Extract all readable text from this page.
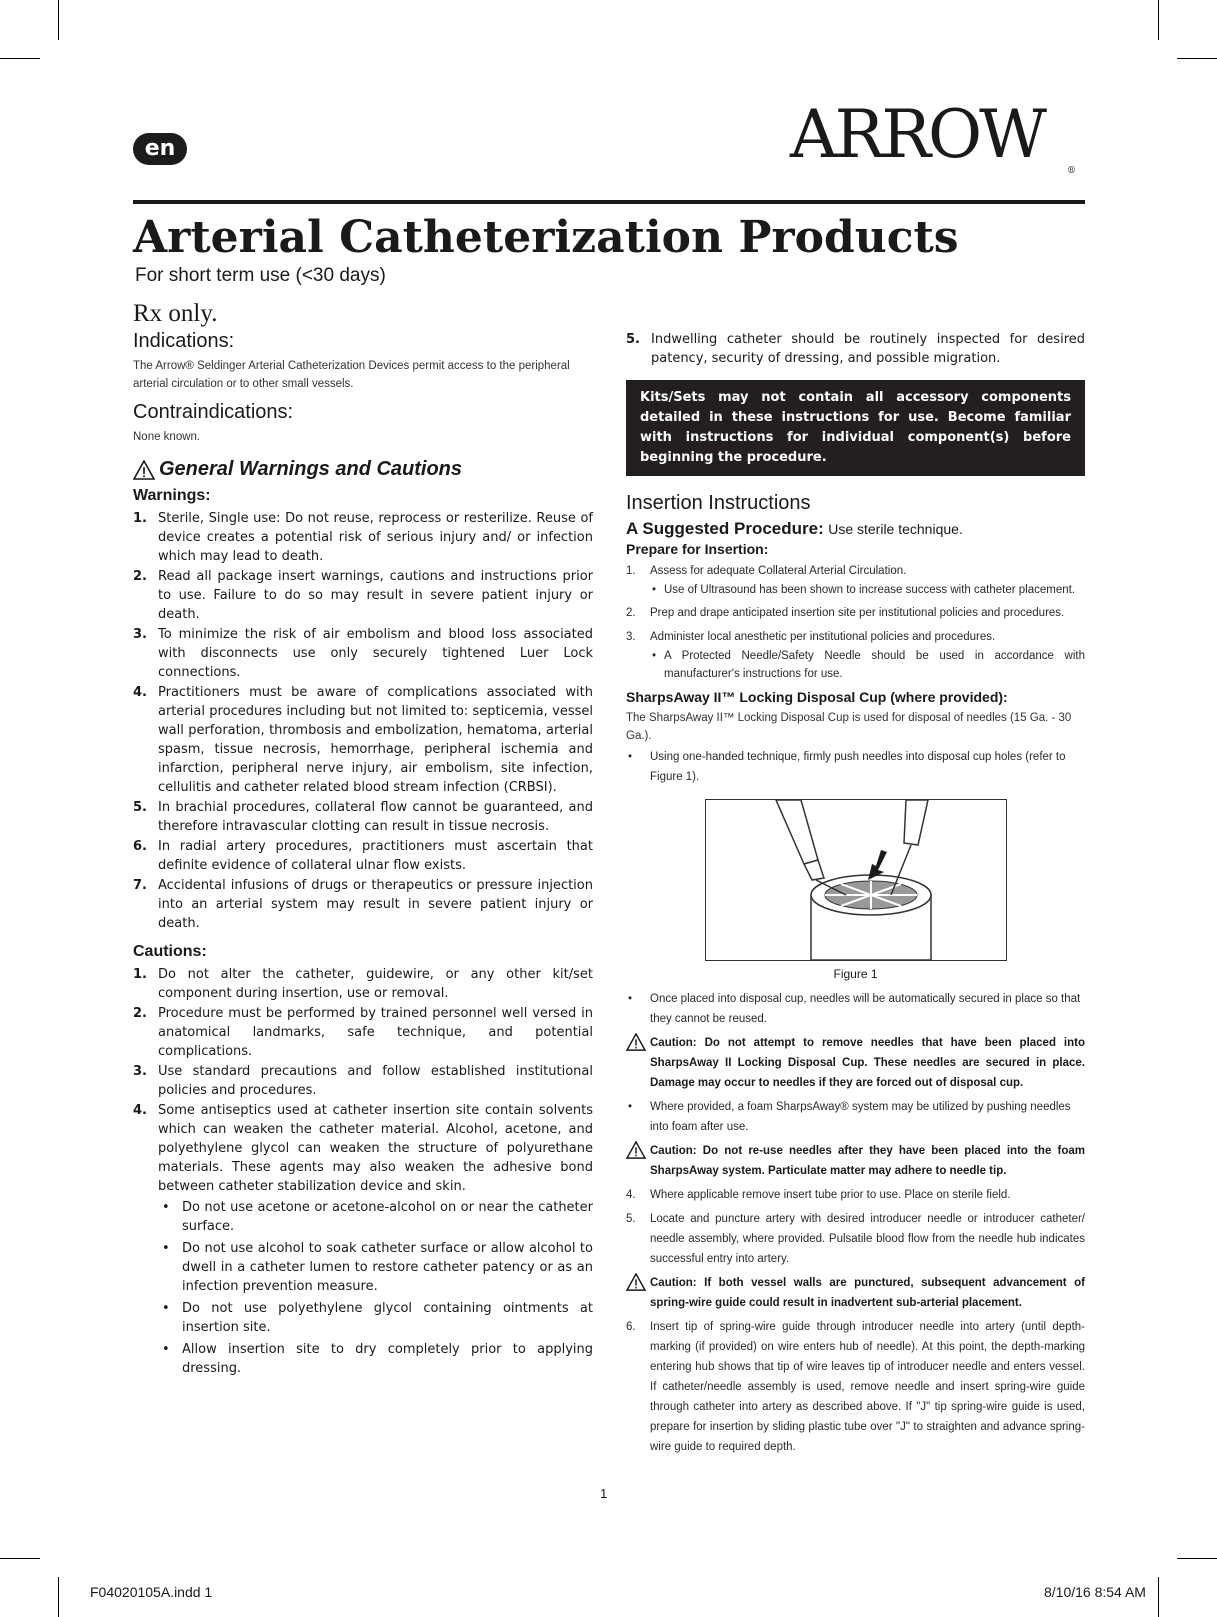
en	ARROW	®
Arterial Catheterization Products
For short term use (<30 days)
Rx only.
Indications:

The Arrow® Seldinger Arterial Catheterization Devices permit access to the peripheral arterial circulation or to other small vessels.

Contraindications:

None known.

General Warnings and Cautions
Warnings:
1. Sterile, Single use: Do not reuse, reprocess or resterilize. Reuse of device creates a potential risk of serious injury and/ or infection which may lead to death.
2. Read all package insert warnings, cautions and instructions prior to use. Failure to do so may result in severe patient injury or death.
3. To minimize the risk of air embolism and blood loss associated with disconnects use only securely tightened Luer Lock connections.
4. Practitioners must be aware of complications associated with arterial procedures including but not limited to: septicemia, vessel wall perforation, thrombosis and embolization, hematoma, arterial spasm, tissue necrosis, hemorrhage, peripheral ischemia and infarction, peripheral nerve injury, air embolism, site infection, cellulitis and catheter related blood stream infection (CRBSI).
5. In brachial procedures, collateral flow cannot be guaranteed, and therefore intravascular clotting can result in tissue necrosis.
6. In radial artery procedures, practitioners must ascertain that definite evidence of collateral ulnar flow exists.
7. Accidental infusions of drugs or therapeutics or pressure injection into an arterial system may result in severe patient injury or death.
Cautions:
1. Do not alter the catheter, guidewire, or any other kit/set component during insertion, use or removal.
2. Procedure must be performed by trained personnel well versed in anatomical landmarks, safe technique, and potential complications.
3. Use standard precautions and follow established institutional policies and procedures.
4. Some antiseptics used at catheter insertion site contain solvents which can weaken the catheter material. Alcohol, acetone, and polyethylene glycol can weaken the structure of polyurethane materials. These agents may also weaken the adhesive bond between catheter stabilization device and skin.
• Do not use acetone or acetone-alcohol on or near the catheter surface.
• Do not use alcohol to soak catheter surface or allow alcohol to dwell in a catheter lumen to restore catheter patency or as an infection prevention measure.
• Do not use polyethylene glycol containing ointments at insertion site.
• Allow insertion site to dry completely prior to applying dressing.
5. Indwelling catheter should be routinely inspected for desired patency, security of dressing, and possible migration.
Kits/Sets may not contain all accessory components detailed in these instructions for use. Become familiar with instructions for individual component(s) before beginning the procedure.
Insertion Instructions
A Suggested Procedure: Use sterile technique.
Prepare for Insertion:
1. Assess for adequate Collateral Arterial Circulation.
• Use of Ultrasound has been shown to increase success with catheter placement.
2. Prep and drape anticipated insertion site per institutional policies and procedures.
3. Administer local anesthetic per institutional policies and procedures.
• A Protected Needle/Safety Needle should be used in accordance with manufacturer's instructions for use.
SharpsAway II™ Locking Disposal Cup (where provided):

The SharpsAway II™ Locking Disposal Cup is used for disposal of needles (15 Ga. - 30 Ga.).

• Using one-handed technique, firmly push needles into disposal cup holes (refer to Figure 1).
Figure 1
• Once placed into disposal cup, needles will be automatically secured in place so that they cannot be reused.
Caution: Do not attempt to remove needles that have been placed into SharpsAway II Locking Disposal Cup. These needles are secured in place. Damage may occur to needles if they are forced out of disposal cup.
• Where provided, a foam SharpsAway® system may be utilized by pushing needles into foam after use.
Caution: Do not re-use needles after they have been placed into the foam SharpsAway system. Particulate matter may adhere to needle tip.
4. Where applicable remove insert tube prior to use. Place on sterile field.
5. Locate and puncture artery with desired introducer needle or introducer catheter/ needle assembly, where provided. Pulsatile blood flow from the needle hub indicates successful entry into artery.
Caution: If both vessel walls are punctured, subsequent advancement of spring-wire guide could result in inadvertent sub-arterial placement.
6. Insert tip of spring-wire guide through introducer needle into artery (until depth-marking (if provided) on wire enters hub of needle). At this point, the depth-marking entering hub shows that tip of wire leaves tip of introducer needle and enters vessel. If catheter/needle assembly is used, remove needle and insert spring-wire guide through catheter into artery as described above. If "J" tip spring-wire guide is used, prepare for insertion by sliding plastic tube over "J" to straighten and advance spring-wire guide to required depth.
1
F04020105A.indd 1	8/10/16 8:54 AM
